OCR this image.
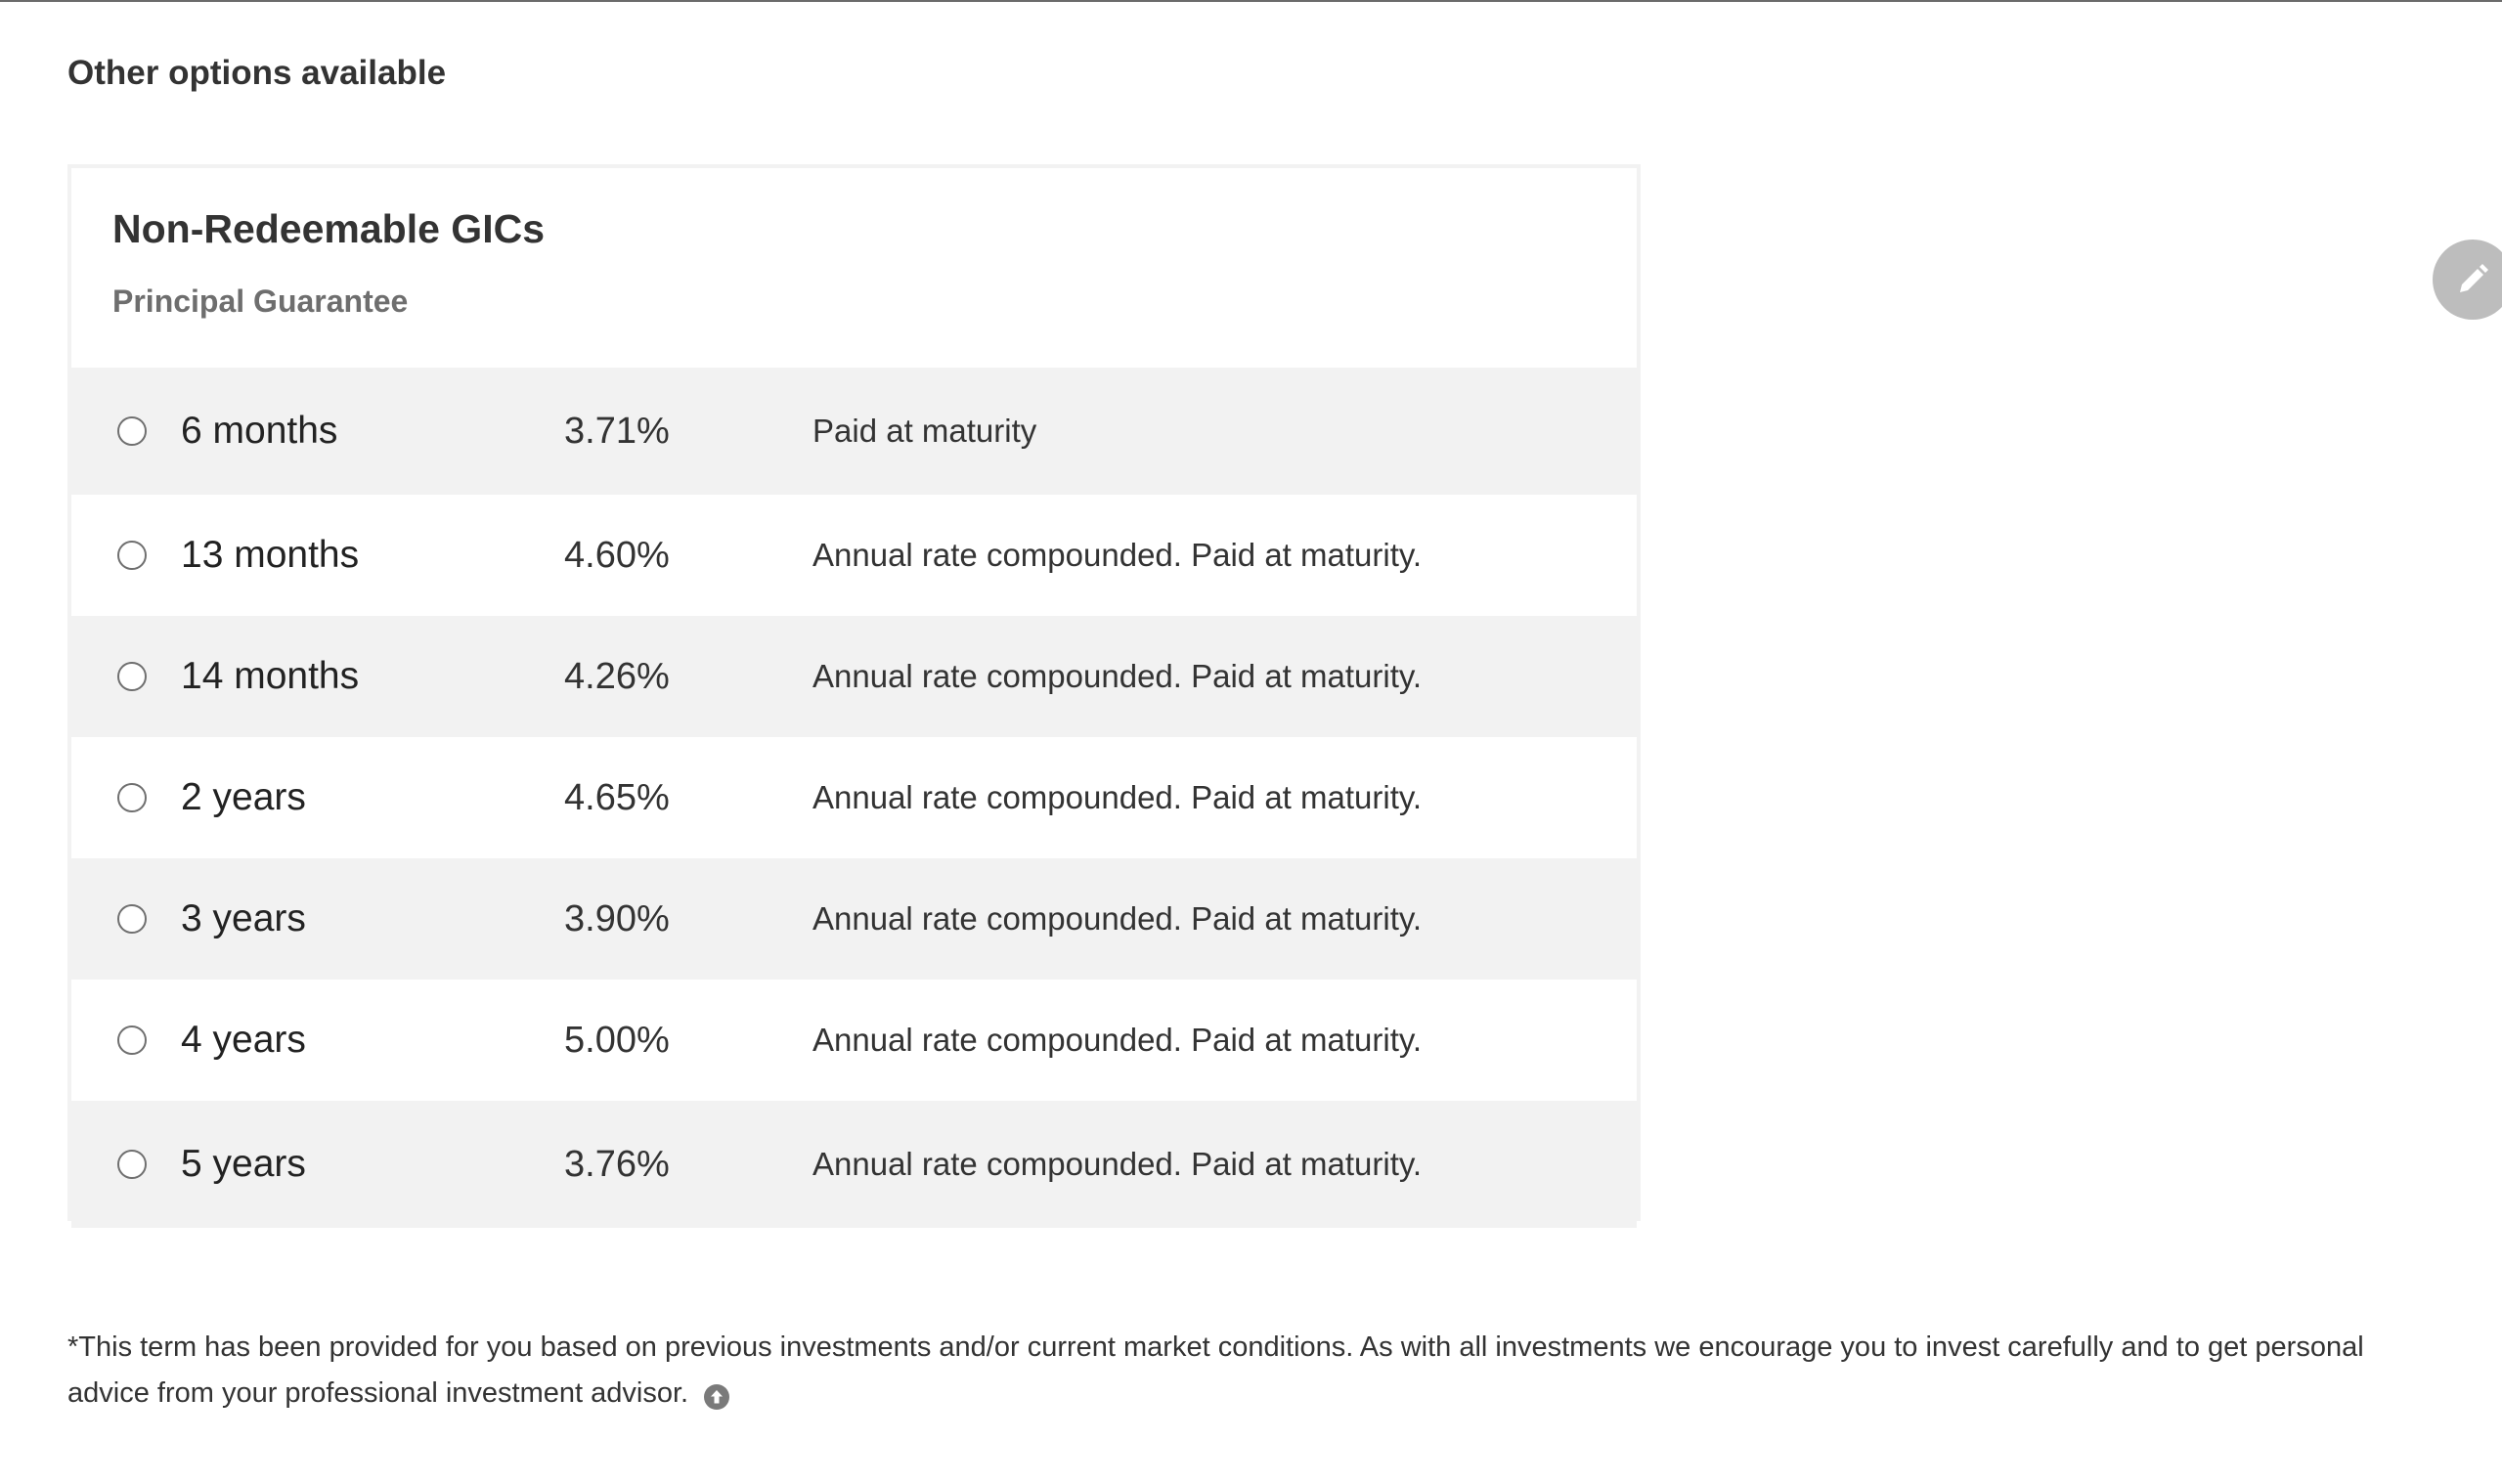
Other options available
Non-Redeemable GICs
Principal Guarantee
6 months	3.71%	Paid at maturity
13 months	4.60%	Annual rate compounded. Paid at maturity.
14 months	4.26%	Annual rate compounded. Paid at maturity.
2 years	4.65%	Annual rate compounded. Paid at maturity.
3 years	3.90%	Annual rate compounded. Paid at maturity.
4 years	5.00%	Annual rate compounded. Paid at maturity.
5 years	3.76%	Annual rate compounded. Paid at maturity.

*This term has been provided for you based on previous investments and/or current market conditions. As with all investments we encourage you to invest carefully and to get personal advice from your professional investment advisor.
